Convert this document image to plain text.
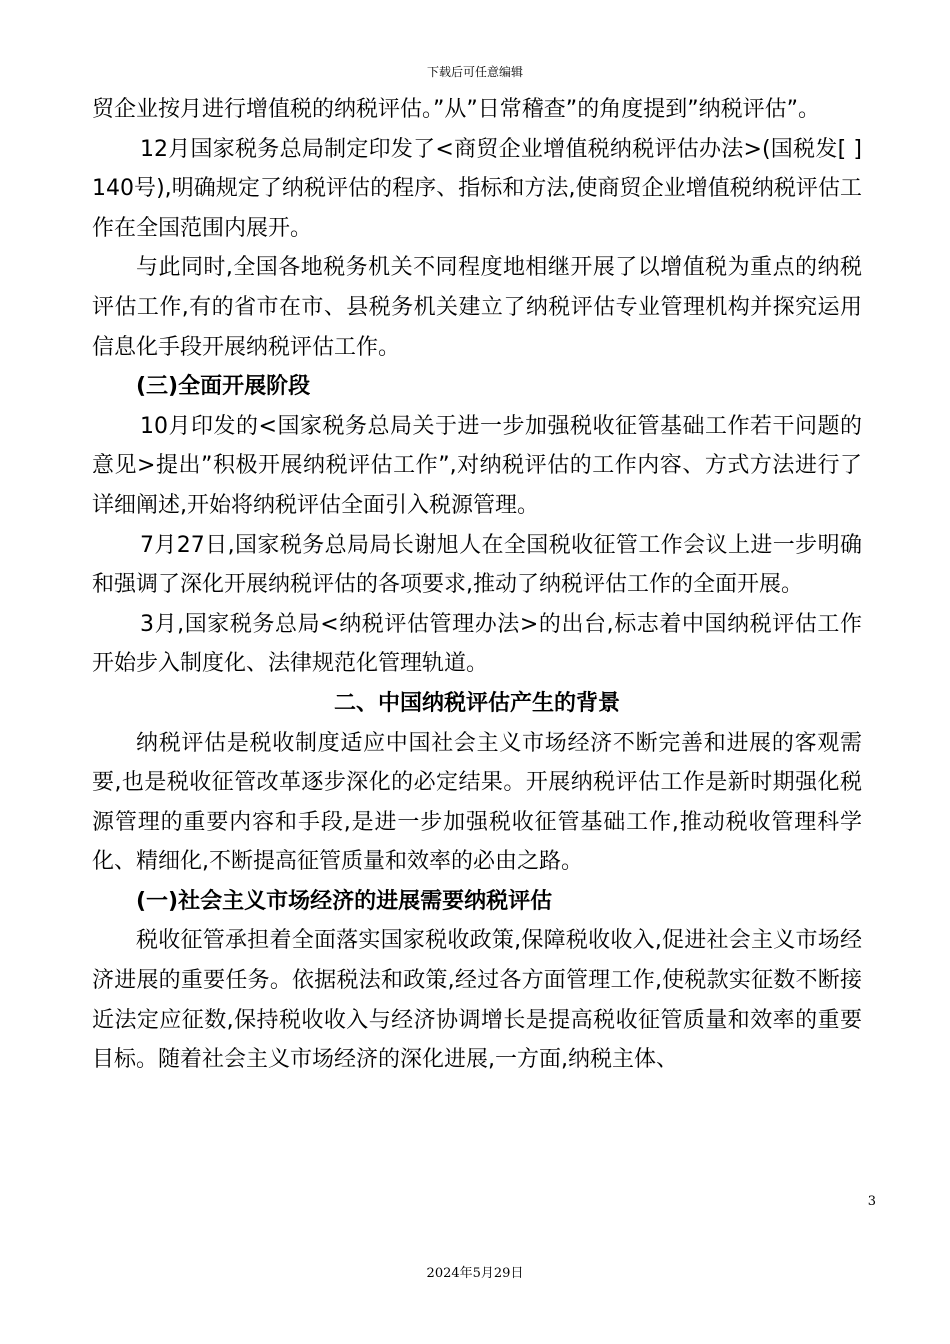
下载后可任意编辑

贸企业按月进行增值税的纳税评估。”从”日常稽查”的角度提到”纳税评估”。

12月国家税务总局制定印发了<商贸企业增值税纳税评估办法>(国税发[ ]140号),明确规定了纳税评估的程序、指标和方法,使商贸企业增值税纳税评估工作在全国范围内展开。

与此同时,全国各地税务机关不同程度地相继开展了以增值税为重点的纳税评估工作,有的省市在市、县税务机关建立了纳税评估专业管理机构并探究运用信息化手段开展纳税评估工作。

(三)全面开展阶段

10月印发的<国家税务总局关于进一步加强税收征管基础工作若干问题的意见>提出”积极开展纳税评估工作”,对纳税评估的工作内容、方式方法进行了详细阐述,开始将纳税评估全面引入税源管理。

7月27日,国家税务总局局长谢旭人在全国税收征管工作会议上进一步明确和强调了深化开展纳税评估的各项要求,推动了纳税评估工作的全面开展。

3月,国家税务总局<纳税评估管理办法>的出台,标志着中国纳税评估工作开始步入制度化、法律规范化管理轨道。

二、中国纳税评估产生的背景

纳税评估是税收制度适应中国社会主义市场经济不断完善和进展的客观需要,也是税收征管改革逐步深化的必定结果。开展纳税评估工作是新时期强化税源管理的重要内容和手段,是进一步加强税收征管基础工作,推动税收管理科学化、精细化,不断提高征管质量和效率的必由之路。

(一)社会主义市场经济的进展需要纳税评估

税收征管承担着全面落实国家税收政策,保障税收收入,促进社会主义市场经济进展的重要任务。依据税法和政策,经过各方面管理工作,使税款实征数不断接近法定应征数,保持税收收入与经济协调增长是提高税收征管质量和效率的重要目标。随着社会主义市场经济的深化进展,一方面,纳税主体、

3
2024年5月29日
